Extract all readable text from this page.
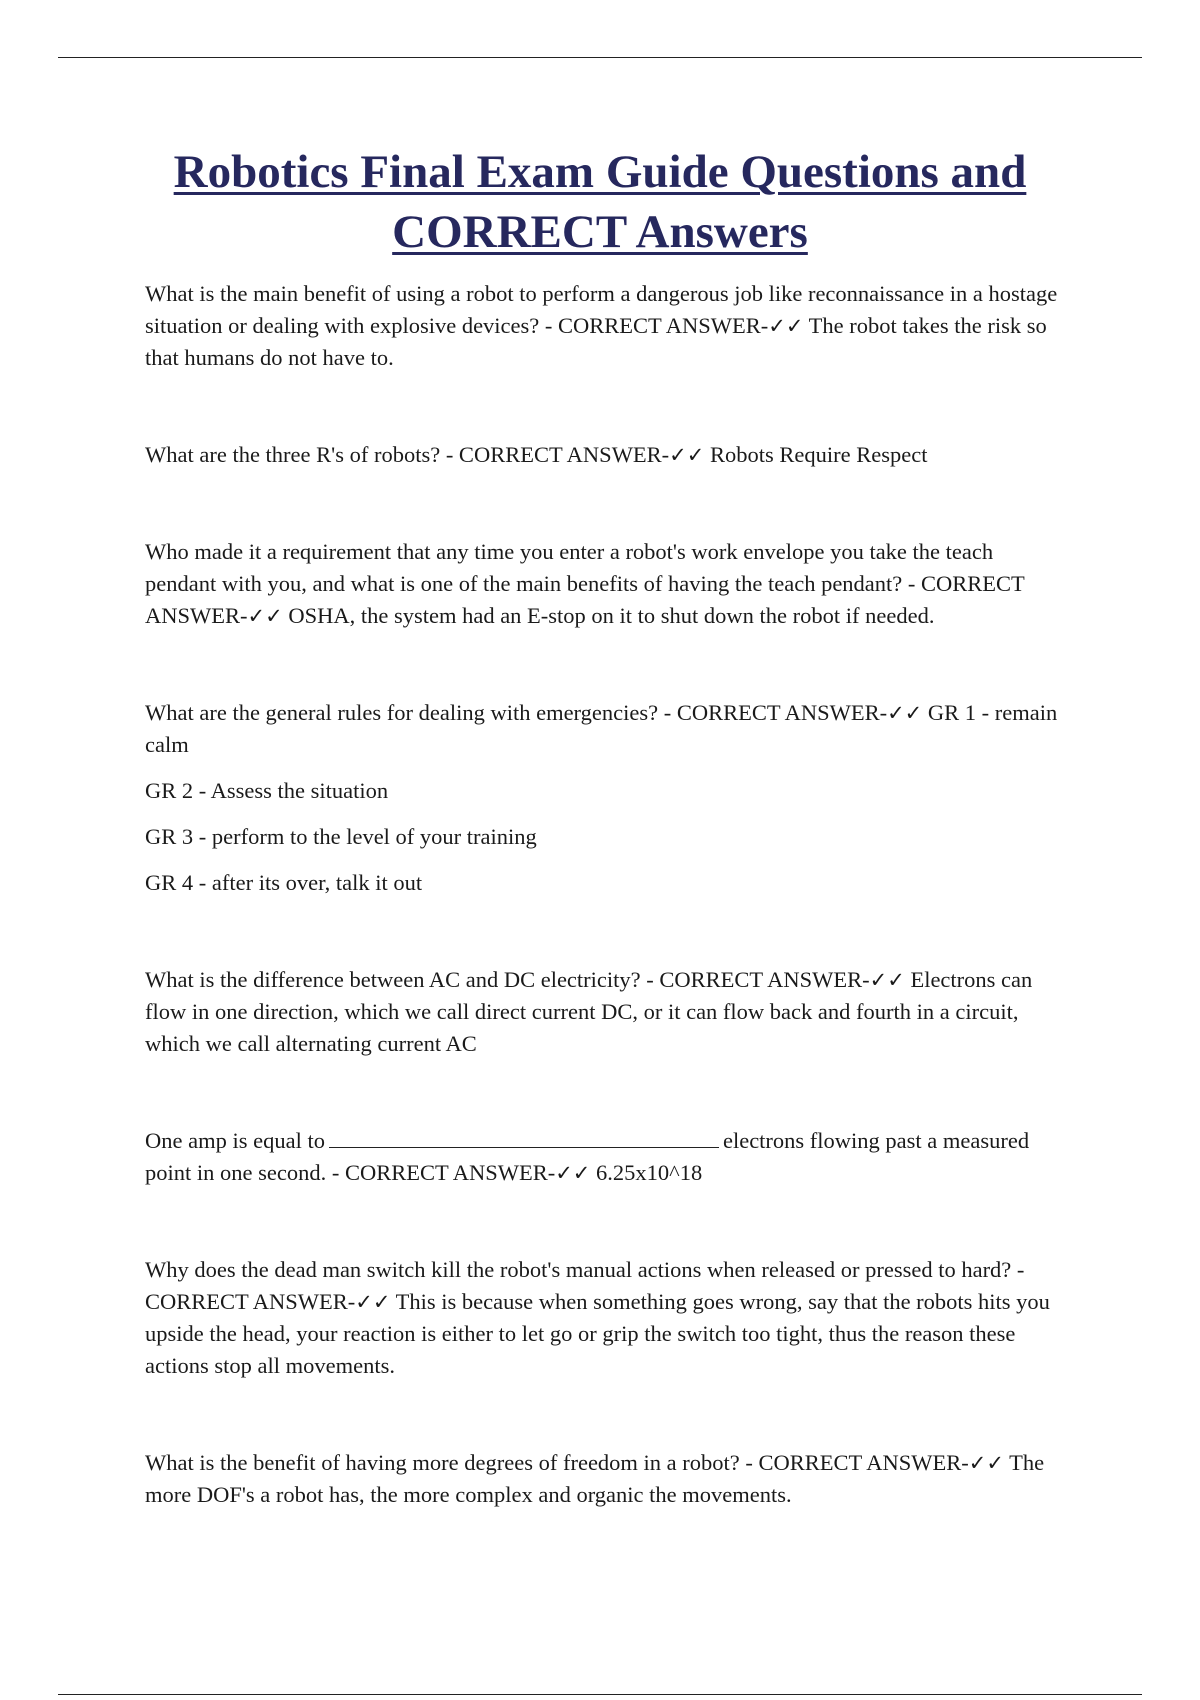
Robotics Final Exam Guide Questions and CORRECT Answers

What is the main benefit of using a robot to perform a dangerous job like reconnaissance in a hostage situation or dealing with explosive devices? - CORRECT ANSWER-✓✓ The robot takes the risk so that humans do not have to.

What are the three R's of robots? - CORRECT ANSWER-✓✓ Robots Require Respect

Who made it a requirement that any time you enter a robot's work envelope you take the teach pendant with you, and what is one of the main benefits of having the teach pendant? - CORRECT ANSWER-✓✓ OSHA, the system had an E-stop on it to shut down the robot if needed.

What are the general rules for dealing with emergencies? - CORRECT ANSWER-✓✓ GR 1 - remain calm

GR 2 - Assess the situation

GR 3 - perform to the level of your training

GR 4 - after its over, talk it out

What is the difference between AC and DC electricity? - CORRECT ANSWER-✓✓ Electrons can flow in one direction, which we call direct current DC, or it can flow back and fourth in a circuit, which we call alternating current AC

One amp is equal to	electrons flowing past a measured point in one second. - CORRECT ANSWER-✓✓ 6.25x10^18

Why does the dead man switch kill the robot's manual actions when released or pressed to hard? - CORRECT ANSWER-✓✓ This is because when something goes wrong, say that the robots hits you upside the head, your reaction is either to let go or grip the switch too tight, thus the reason these actions stop all movements.

What is the benefit of having more degrees of freedom in a robot? - CORRECT ANSWER-✓✓ The more DOF's a robot has, the more complex and organic the movements.
